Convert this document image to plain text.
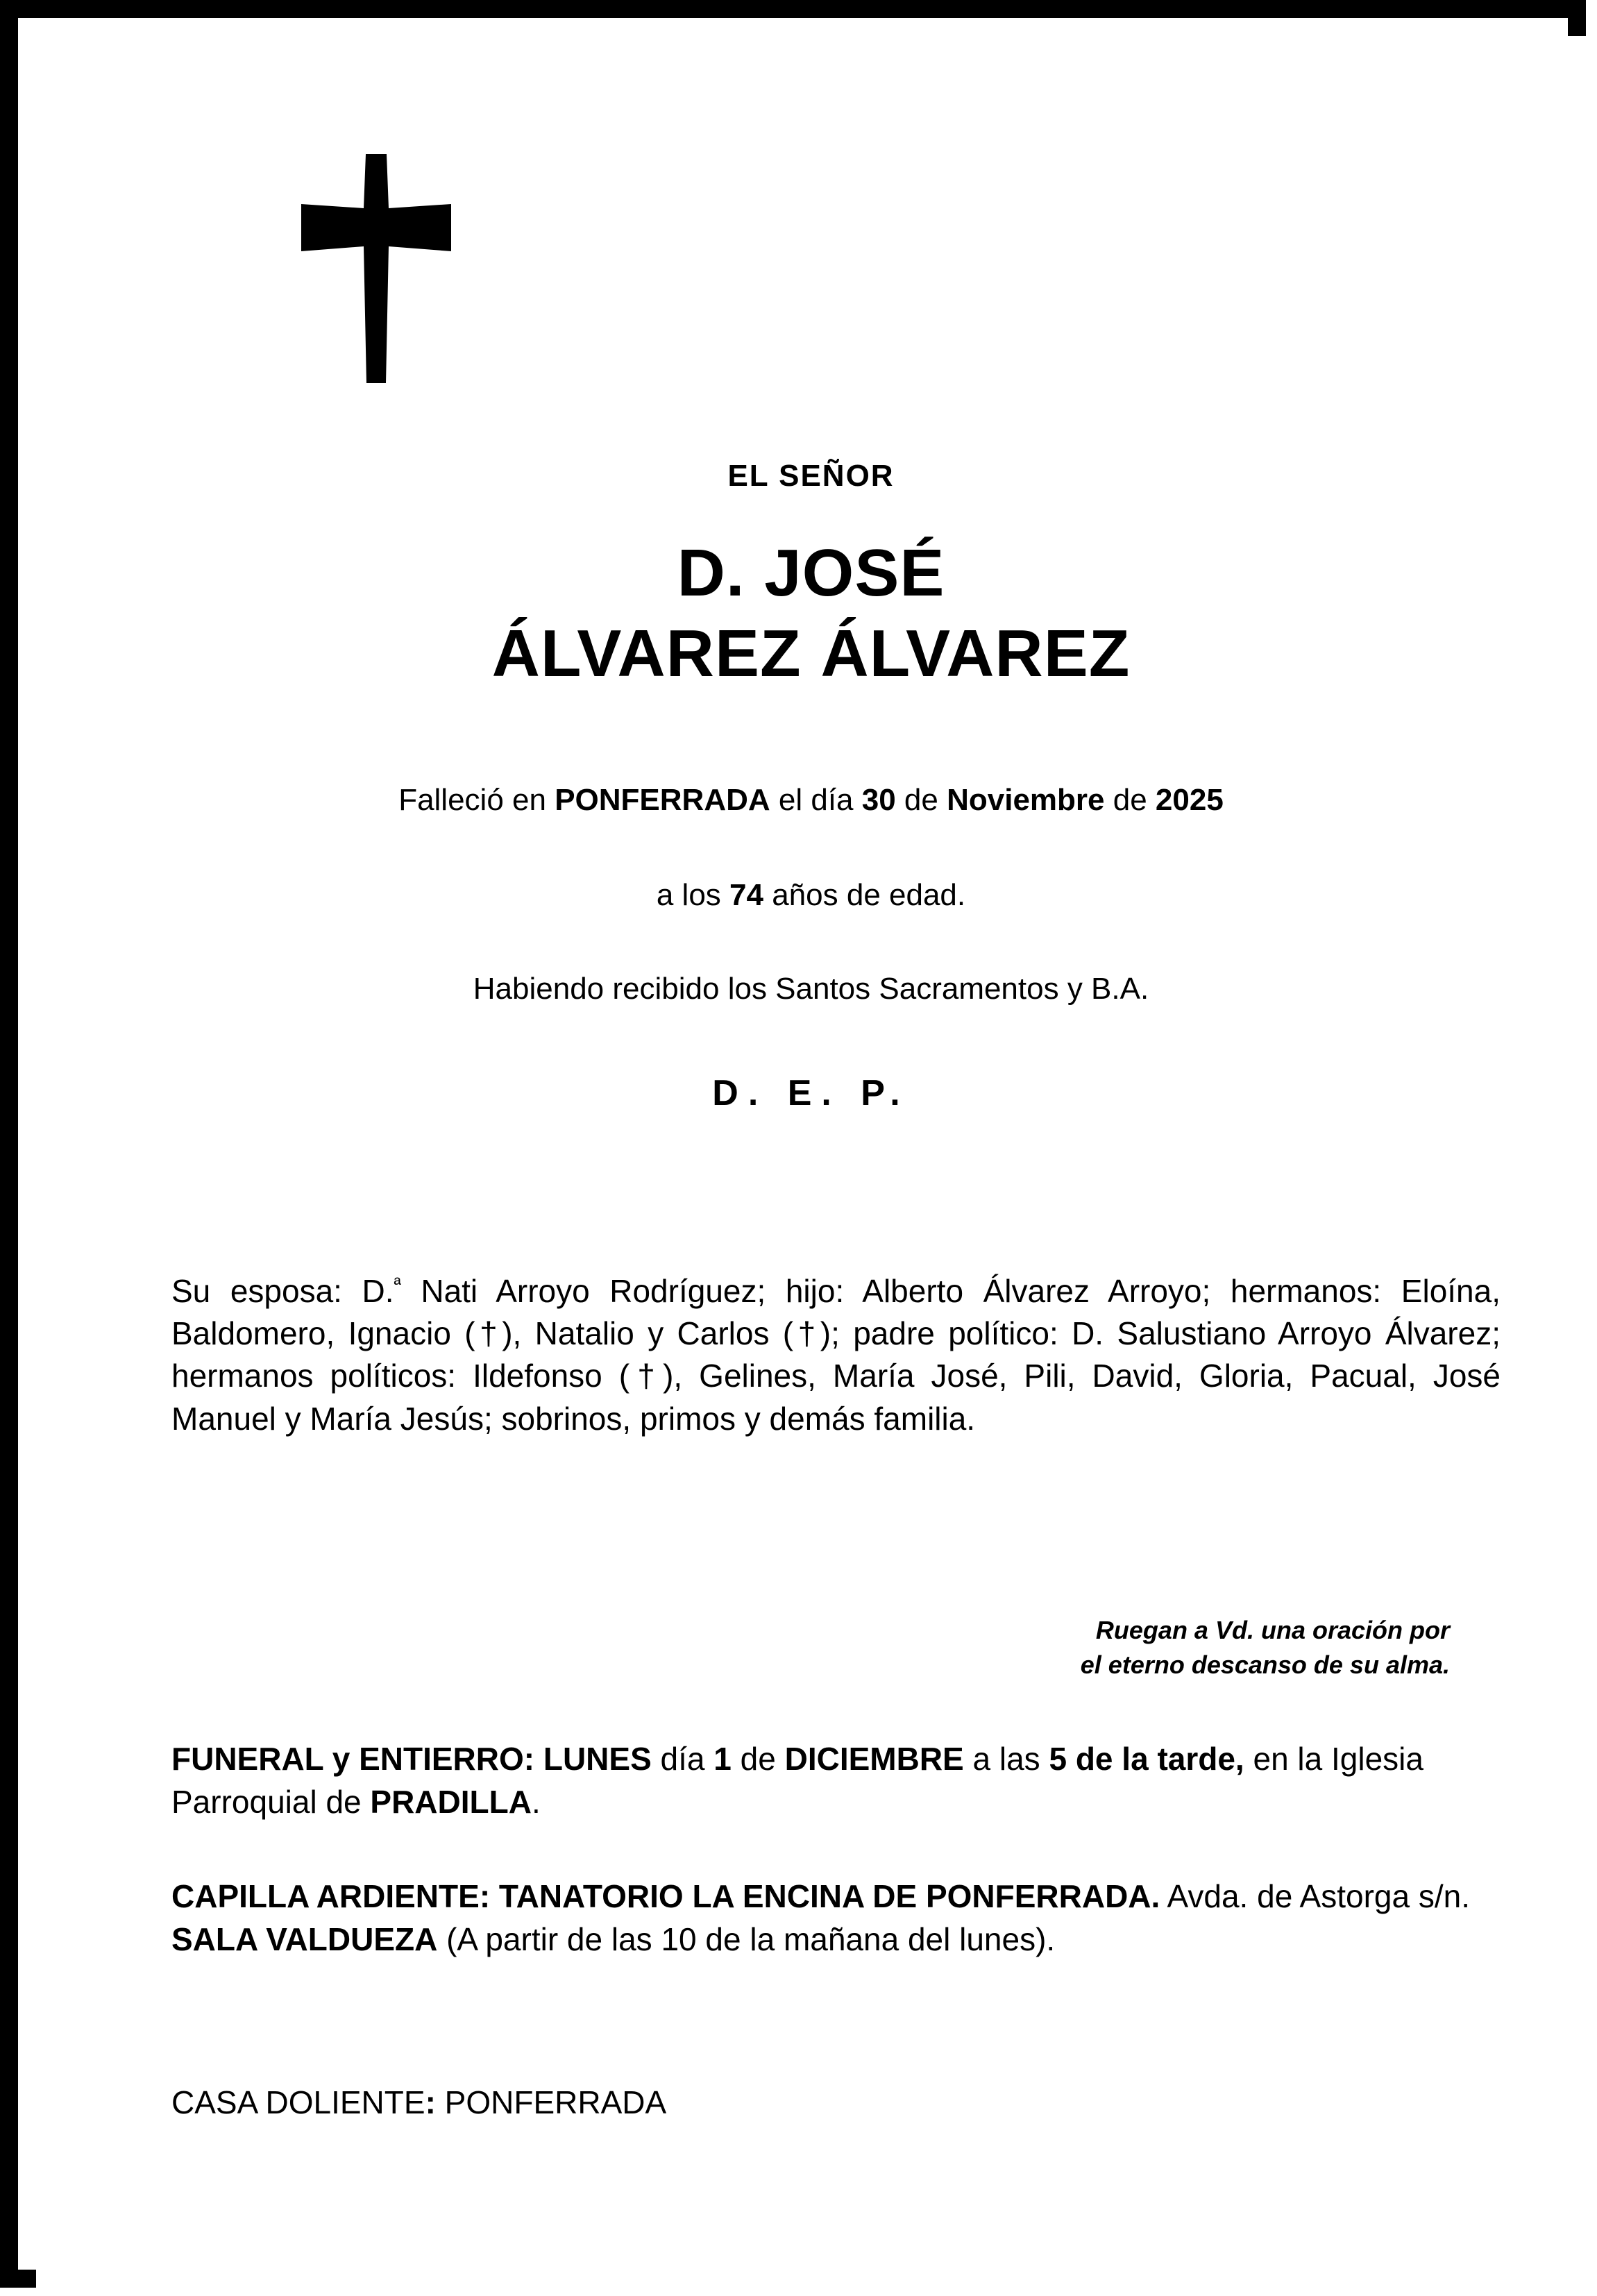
EL SEÑOR
D. JOSÉ
ÁLVAREZ ÁLVAREZ
Falleció en PONFERRADA el día 30 de Noviembre de 2025
a los 74 años de edad.
Habiendo recibido los Santos Sacramentos y B.A.
D. E. P.
Su esposa: D.$^ª$ Nati Arroyo Rodríguez; hijo: Alberto Álvarez Arroyo; hermanos: Eloína, Baldomero, Ignacio (†), Natalio y Carlos (†); padre político: D. Salustiano Arroyo Álvarez; hermanos políticos: Ildefonso (†), Gelines, María José, Pili, David, Gloria, Pacual, José Manuel y María Jesús; sobrinos, primos y demás familia.
Ruegan a Vd. una oración por
el eterno descanso de su alma.
FUNERAL y ENTIERRO: LUNES día 1 de DICIEMBRE a las 5 de la tarde, en la Iglesia Parroquial de PRADILLA.
CAPILLA ARDIENTE: TANATORIO LA ENCINA DE PONFERRADA. Avda. de Astorga s/n. SALA VALDUEZA (A partir de las 10 de la mañana del lunes).
CASA DOLIENTE: PONFERRADA
